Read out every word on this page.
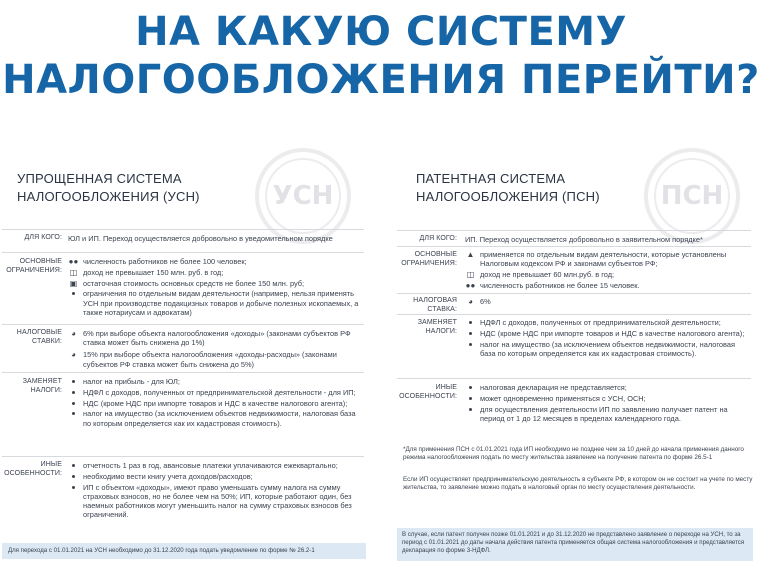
НА КАКУЮ СИСТЕМУ
НАЛОГООБЛОЖЕНИЯ ПЕРЕЙТИ?
УСН
УПРОЩЕННАЯ СИСТЕМА
НАЛОГООБЛОЖЕНИЯ (УСН)
ДЛЯ КОГО: ЮЛ и ИП. Переход осуществляется добровольно в уведомительном порядке
ОСНОВНЫЕ ОГРАНИЧЕНИЯ:
●● численность работников не более 100 человек;
◫ доход не превышает 150 млн. руб. в год;
▣ остаточная стоимость основных средств не более 150 млн. руб;
ограничения по отдельным видам деятельности (например, нельзя применять УСН при производстве подакцизных товаров и добыче полезных ископаемых, а также нотариусам и адвокатам)
НАЛОГОВЫЕ СТАВКИ:
◕ 6% при выборе объекта налогообложения «доходы» (законами субъектов РФ ставка может быть снижена до 1%)
◕ 15% при выборе объекта налогообложения «доходы-расходы» (законами субъектов РФ ставка может быть снижена до 5%)
ЗАМЕНЯЕТ НАЛОГИ:
налог на прибыль - для ЮЛ;
НДФЛ с доходов, полученных от предпринимательской деятельности - для ИП;
НДС (кроме НДС при импорте товаров и НДС в качестве налогового агента);
налог на имущество (за исключением объектов недвижимости, налоговая база по которым определяется как их кадастровая стоимость).
ИНЫЕ ОСОБЕННОСТИ:
отчетность 1 раз в год, авансовые платежи уплачиваются ежеквартально;
необходимо вести книгу учета доходов/расходов;
ИП с объектом «доходы», имеют право уменьшать сумму налога на сумму страховых взносов, но не более чем на 50%; ИП, которые работают один, без наемных работников могут уменьшить налог на сумму страховых взносов без ограничений.
Для перехода с 01.01.2021 на УСН необходимо до 31.12.2020 года подать уведомление по форме № 26.2-1
ПСН
ПАТЕНТНАЯ СИСТЕМА
НАЛОГООБЛОЖЕНИЯ (ПСН)
ДЛЯ КОГО: ИП. Переход осуществляется добровольно в заявительном порядке*
ОСНОВНЫЕ ОГРАНИЧЕНИЯ:
▲ применяется по отдельным видам деятельности, которые установлены Налоговым кодексом РФ и законами субъектов РФ;
◫ доход не превышает 60 млн.руб. в год;
●● численность работников не более 15 человек.
НАЛОГОВАЯ СТАВКА:
◕ 6%
ЗАМЕНЯЕТ НАЛОГИ:
НДФЛ с доходов, полученных от предпринимательской деятельности;
НДС (кроме НДС при импорте товаров и НДС в качестве налогового агента);
налог на имущество (за исключением объектов недвижимости, налоговая база по которым определяется как их кадастровая стоимость).
ИНЫЕ ОСОБЕННОСТИ:
налоговая декларация не представляется;
может одновременно применяться с УСН, ОСН;
для осуществления деятельности ИП по заявлению получает патент на период от 1 до 12 месяцев в пределах календарного года.
*Для применения ПСН с 01.01.2021 года ИП необходимо не позднее чем за 10 дней до начала применения данного режима налогообложения подать по месту жительства заявление на получение патента по форме 26.5-1
Если ИП осуществляет предпринимательскую деятельность в субъекте РФ, в котором он не состоит на учете по месту жительства, то заявление можно подать в налоговый орган по месту осуществления деятельности.
В случае, если патент получен позже 01.01.2021 и до 31.12.2020 не представлено заявление о переходе на УСН, то за период с 01.01.2021 до даты начала действия патента применяется общая система налогообложения и представляется декларация по форме 3-НДФЛ.
